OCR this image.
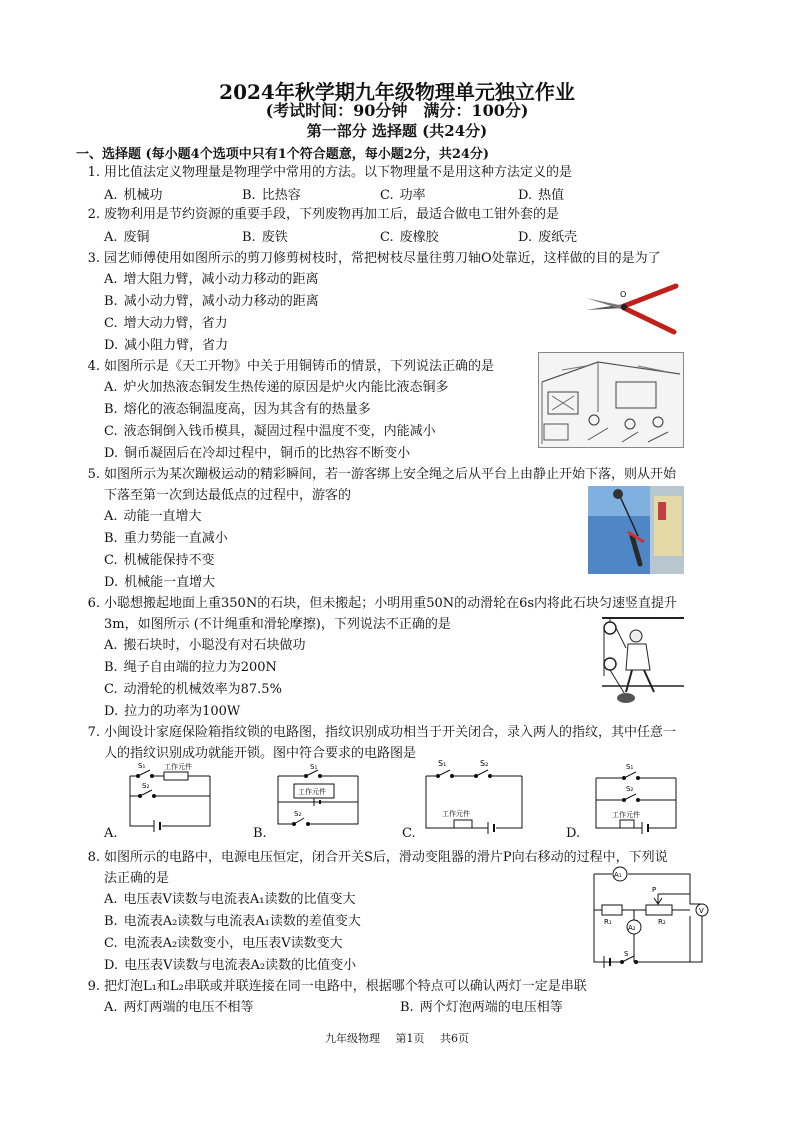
2024年秋学期九年级物理单元独立作业
(考试时间：90分钟　满分：100分)
第一部分 选择题 (共24分)
一、选择题 (每小题4个选项中只有1个符合题意，每小题2分，共24分)
1. 用比值法定义物理量是物理学中常用的方法。以下物理量不是用这种方法定义的是
A. 机械功	B. 比热容	C. 功率	D. 热值
2. 废物利用是节约资源的重要手段，下列废物再加工后，最适合做电工钳外套的是
A. 废铜	B. 废铁	C. 废橡胶	D. 废纸壳
3. 园艺师傅使用如图所示的剪刀修剪树枝时，常把树枝尽量往剪刀轴O处靠近，这样做的目的是为了
A. 增大阻力臂，减小动力移动的距离
B. 减小动力臂，减小动力移动的距离
C. 增大动力臂，省力
D. 减小阻力臂，省力
O
4. 如图所示是《天工开物》中关于用铜铸币的情景，下列说法正确的是
A. 炉火加热液态铜发生热传递的原因是炉火内能比液态铜多
B. 熔化的液态铜温度高，因为其含有的热量多
C. 液态铜倒入钱币模具，凝固过程中温度不变，内能减小
D. 铜币凝固后在冷却过程中，铜币的比热容不断变小
5. 如图所示为某次蹦极运动的精彩瞬间，若一游客绑上安全绳之后从平台上由静止开始下落，则从开始
下落至第一次到达最低点的过程中，游客的
A. 动能一直增大
B. 重力势能一直减小
C. 机械能保持不变
D. 机械能一直增大
6. 小聪想搬起地面上重350N的石块，但未搬起；小明用重50N的动滑轮在6s内将此石块匀速竖直提升
3m，如图所示 (不计绳重和滑轮摩擦)，下列说法不正确的是
A. 搬石块时，小聪没有对石块做功
B. 绳子自由端的拉力为200N
C. 动滑轮的机械效率为87.5%
D. 拉力的功率为100W
7. 小闽设计家庭保险箱指纹锁的电路图，指纹识别成功相当于开关闭合，录入两人的指纹，其中任意一
人的指纹识别成功就能开锁。图中符合要求的电路图是
A.	B.	C.	D.
S₁	工作元件
S₂
S₁
工作元件
S₂
S₁	S₂
工作元件
S₁
S₂
工作元件
8. 如图所示的电路中，电源电压恒定，闭合开关S后，滑动变阻器的滑片P向右移动的过程中，下列说
法正确的是
A. 电压表V读数与电流表A₁读数的比值变大
B. 电流表A₂读数与电流表A₁读数的差值变大
C. 电流表A₂读数变小，电压表V读数变大
D. 电压表V读数与电流表A₂读数的比值变小
A₁
A₂
V
P
R₁	R₂
S
9. 把灯泡L₁和L₂串联或并联连接在同一电路中，根据哪个特点可以确认两灯一定是串联
A. 两灯两端的电压不相等	B. 两个灯泡两端的电压相等
九年级物理 第1页 共6页
